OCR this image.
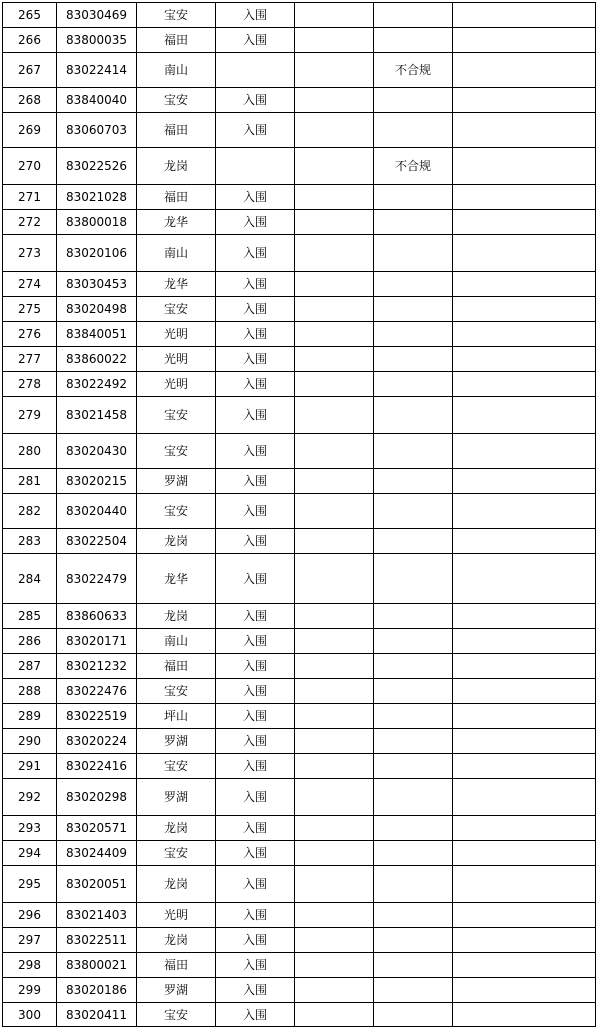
265	83030469	宝安	入围			
266	83800035	福田	入围			
267	83022414	南山			不合规	
268	83840040	宝安	入围			
269	83060703	福田	入围			
270	83022526	龙岗			不合规	
271	83021028	福田	入围			
272	83800018	龙华	入围			
273	83020106	南山	入围			
274	83030453	龙华	入围			
275	83020498	宝安	入围			
276	83840051	光明	入围			
277	83860022	光明	入围			
278	83022492	光明	入围			
279	83021458	宝安	入围			
280	83020430	宝安	入围			
281	83020215	罗湖	入围			
282	83020440	宝安	入围			
283	83022504	龙岗	入围			
284	83022479	龙华	入围			
285	83860633	龙岗	入围			
286	83020171	南山	入围			
287	83021232	福田	入围			
288	83022476	宝安	入围			
289	83022519	坪山	入围			
290	83020224	罗湖	入围			
291	83022416	宝安	入围			
292	83020298	罗湖	入围			
293	83020571	龙岗	入围			
294	83024409	宝安	入围			
295	83020051	龙岗	入围			
296	83021403	光明	入围			
297	83022511	龙岗	入围			
298	83800021	福田	入围			
299	83020186	罗湖	入围			
300	83020411	宝安	入围			
